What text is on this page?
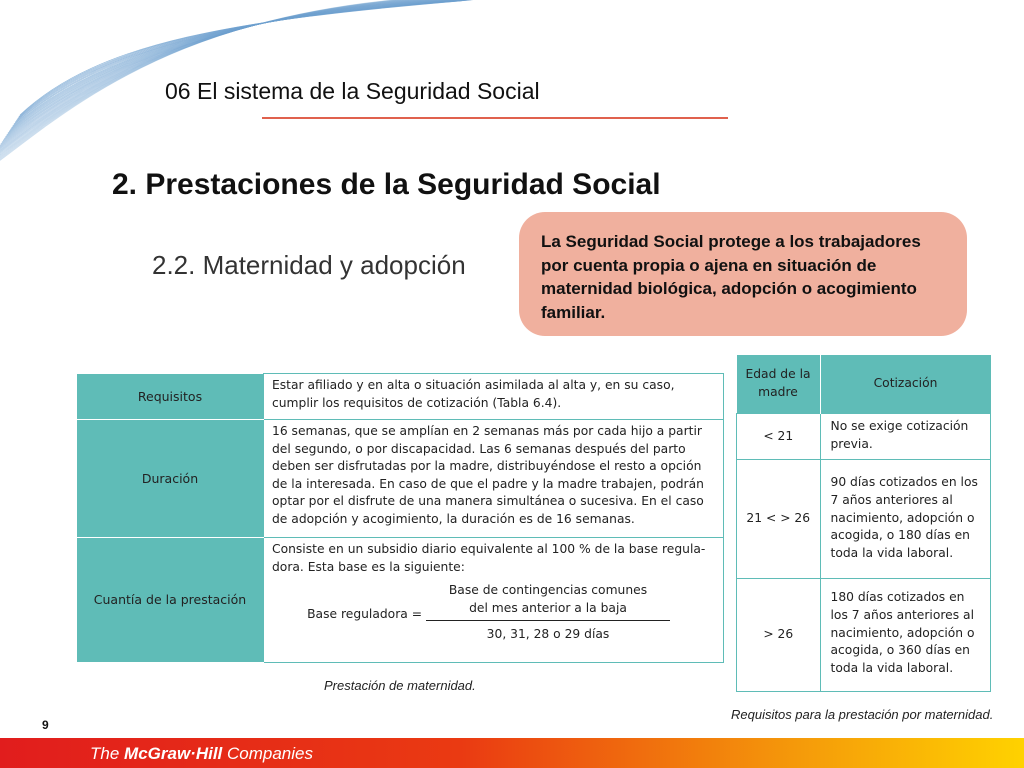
06 El sistema de la Seguridad Social
2. Prestaciones de la Seguridad Social
2.2. Maternidad y adopción
La Seguridad Social protege a los trabajadores por cuenta propia o ajena en situación de maternidad biológica, adopción o acogimiento familiar.
Requisitos	Estar afiliado y en alta o situación asimilada al alta y, en su caso, cumplir los requisitos de cotización (Tabla 6.4).
Duración	16 semanas, que se amplían en 2 semanas más por cada hijo a partir del segundo, o por discapacidad. Las 6 semanas después del parto deben ser disfrutadas por la madre, distribuyéndose el resto a opción de la interesada. En caso de que el padre y la madre trabajen, podrán optar por el disfrute de una manera simultánea o sucesiva. En el caso de adopción y acogimiento, la duración es de 16 semanas.
Cuantía de la prestación	Consiste en un subsidio diario equivalente al 100 % de la base regula-dora. Esta base es la siguiente:
Base reguladora = $\frac{\text{Base de contingencias comunes del mes anterior a la baja}}{\text{30, 31, 28 o 29 días}}$
Prestación de maternidad.
Edad de la madre	Cotización
< 21	No se exige cotización previa.
21 < > 26	90 días cotizados en los 7 años anteriores al nacimiento, adopción o acogida, o 180 días en toda la vida laboral.
> 26	180 días cotizados en los 7 años anteriores al nacimiento, adopción o acogida, o 360 días en toda la vida laboral.
Requisitos para la prestación por maternidad.
9
The McGraw·Hill Companies
